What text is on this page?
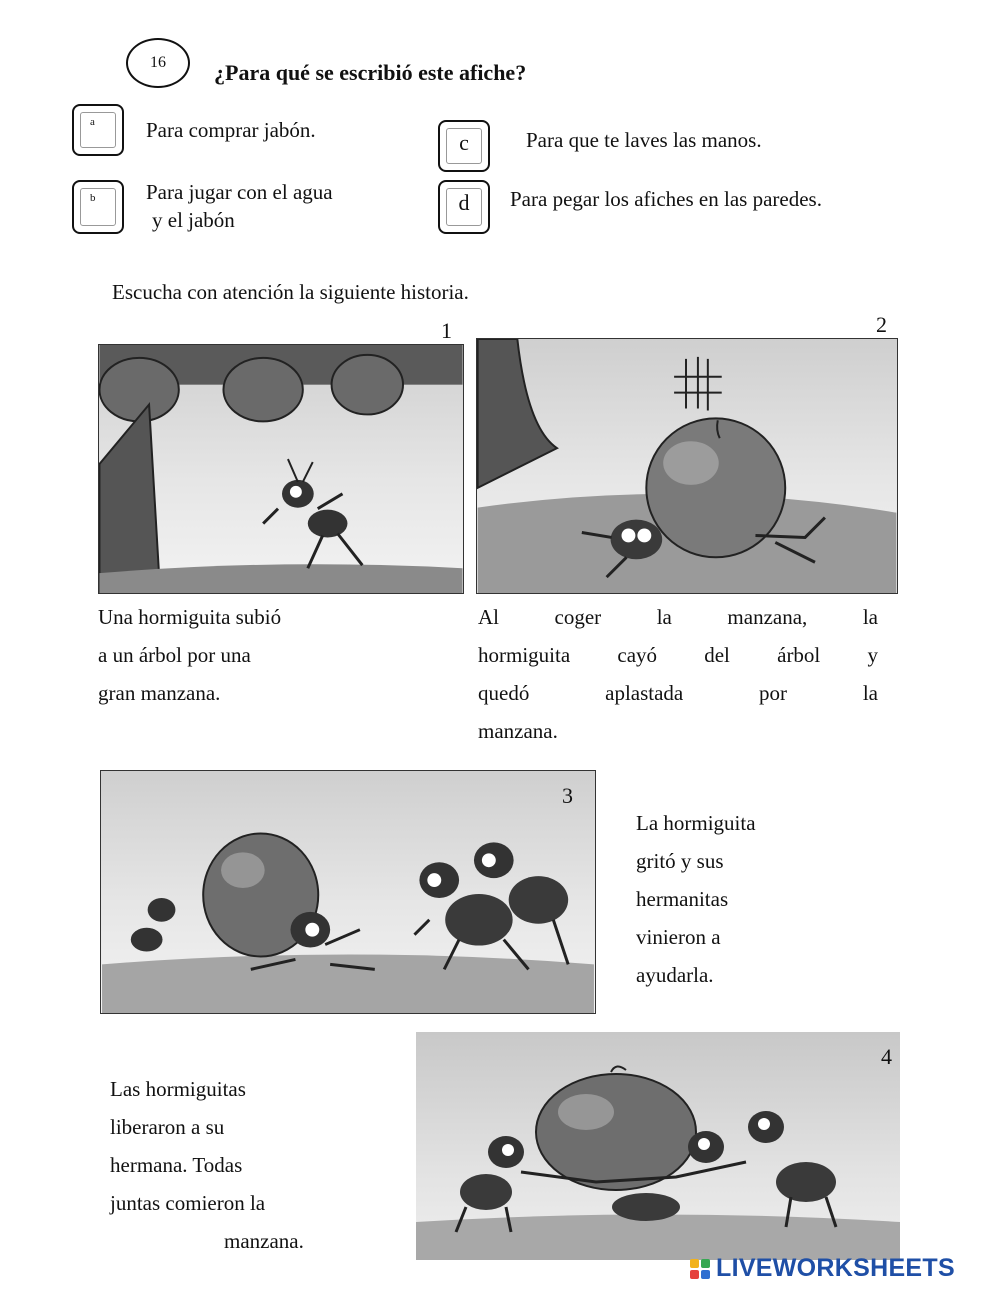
16 ¿Para qué se escribió este afiche?
a Para comprar jabón.
b Para jugar con el agua
y el jabón
c	Para que te laves las manos.
d	Para pegar los afiches en las paredes.
Escucha con atención la siguiente historia.
1
Una hormiguita subió
a un árbol por una
gran manzana.
2
Al coger la manzana, la
hormiguita cayó del árbol y
quedó aplastada por la
manzana.
3
La hormiguita
gritó y sus
hermanitas
vinieron a
ayudarla.
Las hormiguitas
liberaron a su
hermana. Todas
juntas comieron la
manzana.
4
LIVEWORKSHEETS
